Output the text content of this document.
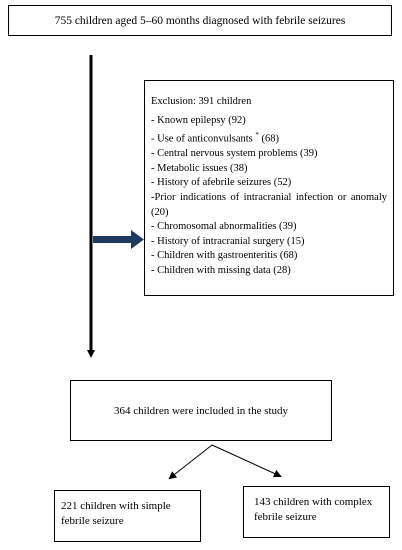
755 children aged 5–60 months diagnosed with febrile seizures
Exclusion: 391 children
- Known epilepsy (92)
- Use of anticonvulsants * (68)
- Central nervous system problems (39)
- Metabolic issues (38)
- History of afebrile seizures (52)
-Prior indications of intracranial infection or anomaly (20)
- Chromosomal abnormalities (39)
- History of intracranial surgery (15)
- Children with gastroenteritis (68)
- Children with missing data (28)
364 children were included in the study
221 children with simple
febrile seizure
143 children with complex
febrile seizure
